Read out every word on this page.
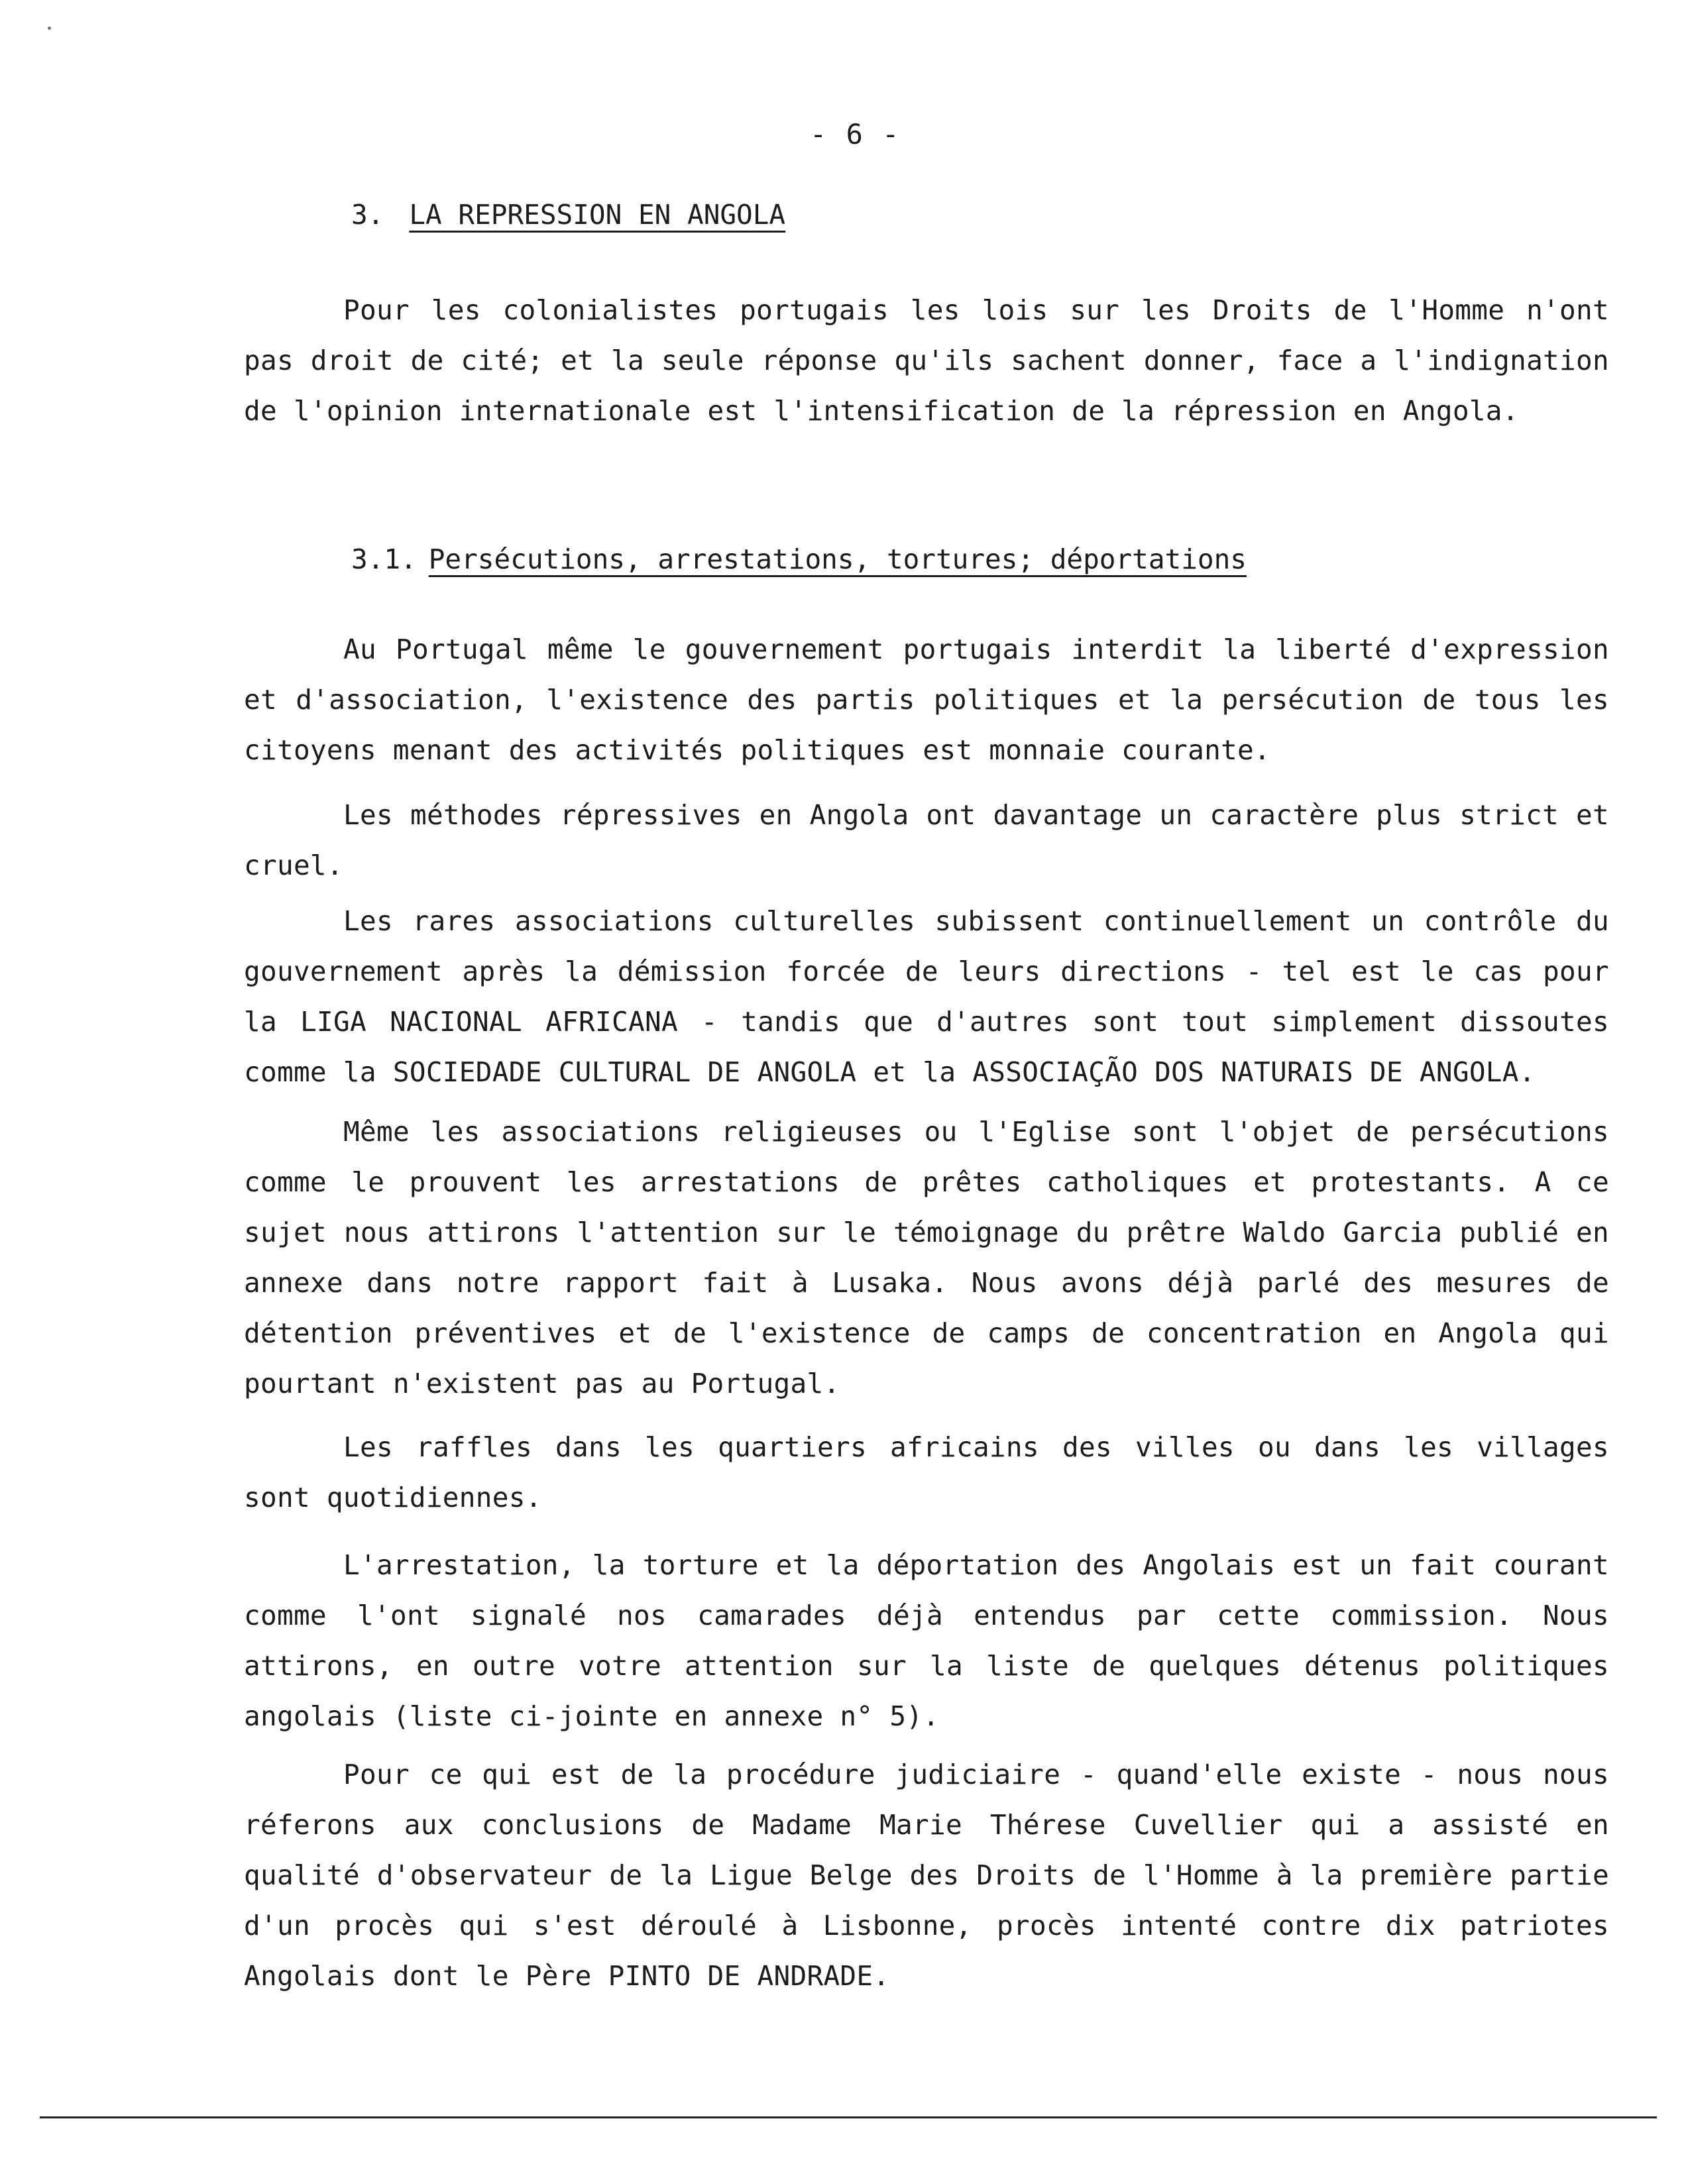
- 6 -
3. LA REPRESSION EN ANGOLA

Pour les colonialistes portugais les lois sur les Droits de l'Homme n'ont pas droit de cité; et la seule réponse qu'ils sachent donner, face a l'indignation de l'opinion internationale est l'intensification de la répression en Angola.

3.1. Persécutions, arrestations, tortures; déportations

Au Portugal même le gouvernement portugais interdit la liberté d'expression et d'association, l'existence des partis politiques et la persécution de tous les citoyens menant des activités politiques est monnaie courante.

Les méthodes répressives en Angola ont davantage un caractère plus strict et cruel.

Les rares associations culturelles subissent continuellement un contrôle du gouvernement après la démission forcée de leurs directions - tel est le cas pour la LIGA NACIONAL AFRICANA - tandis que d'autres sont tout simplement dissoutes comme la SOCIEDADE CULTURAL DE ANGOLA et la ASSOCIAÇÃO DOS NATURAIS DE ANGOLA.

Même les associations religieuses ou l'Eglise sont l'objet de persécutions comme le prouvent les arrestations de prêtes catholiques et protestants. A ce sujet nous attirons l'attention sur le témoignage du prêtre Waldo Garcia publié en annexe dans notre rapport fait à Lusaka. Nous avons déjà parlé des mesures de détention préventives et de l'existence de camps de concentration en Angola qui pourtant n'existent pas au Portugal.

Les raffles dans les quartiers africains des villes ou dans les villages sont quotidiennes.

L'arrestation, la torture et la déportation des Angolais est un fait courant comme l'ont signalé nos camarades déjà entendus par cette commission. Nous attirons, en outre votre attention sur la liste de quelques détenus politiques angolais (liste ci-jointe en annexe n° 5).

Pour ce qui est de la procédure judiciaire - quand'elle existe - nous nous réferons aux conclusions de Madame Marie Thérese Cuvellier qui a assisté en qualité d'observateur de la Ligue Belge des Droits de l'Homme à la première partie d'un procès qui s'est déroulé à Lisbonne, procès intenté contre dix patriotes Angolais dont le Père PINTO DE ANDRADE.
